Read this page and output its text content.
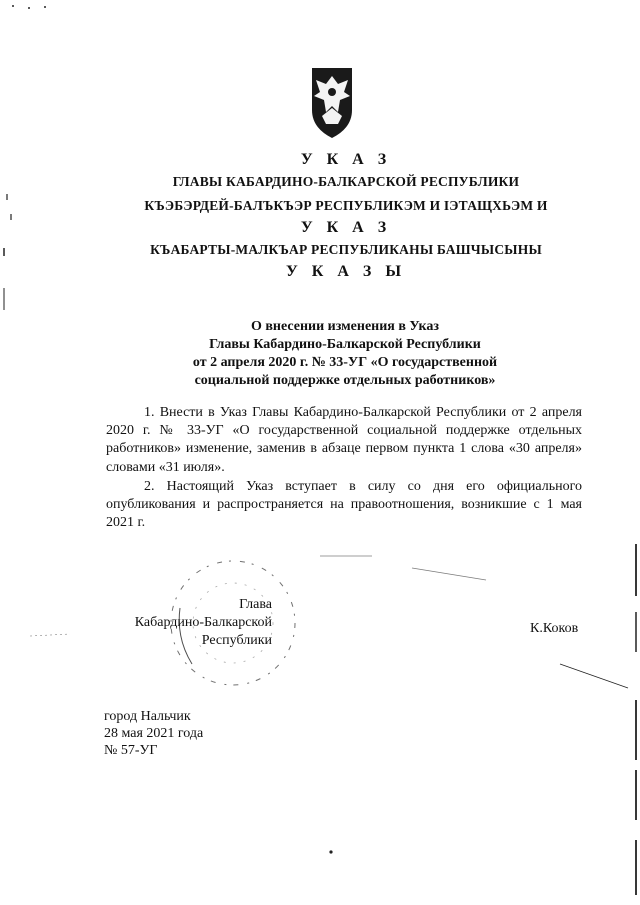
У К А З
ГЛАВЫ КАБАРДИНО-БАЛКАРСКОЙ РЕСПУБЛИКИ
КЪЭБЭРДЕЙ-БАЛЪКЪЭР РЕСПУБЛИКЭМ И ІЭТАЩХЬЭМ И
У К А З
КЪАБАРТЫ-МАЛКЪАР РЕСПУБЛИКАНЫ БАШЧЫСЫНЫ
У К А З Ы
О внесении изменения в Указ
Главы Кабардино-Балкарской Республики
от 2 апреля 2020 г. № 33-УГ «О государственной
социальной поддержке отдельных работников»

1. Внести в Указ Главы Кабардино-Балкарской Республики от 2 апреля 2020 г. № 33-УГ «О государственной социальной поддержке отдельных работников» изменение, заменив в абзаце первом пункта 1 слова «30 апреля» словами «31 июля».

2. Настоящий Указ вступает в силу со дня его официального опубликования и распространяется на правоотношения, возникшие с 1 мая 2021 г.

Глава
Кабардино-Балкарской
Республики
К.Коков
город Нальчик
28 мая 2021 года
№ 57-УГ
